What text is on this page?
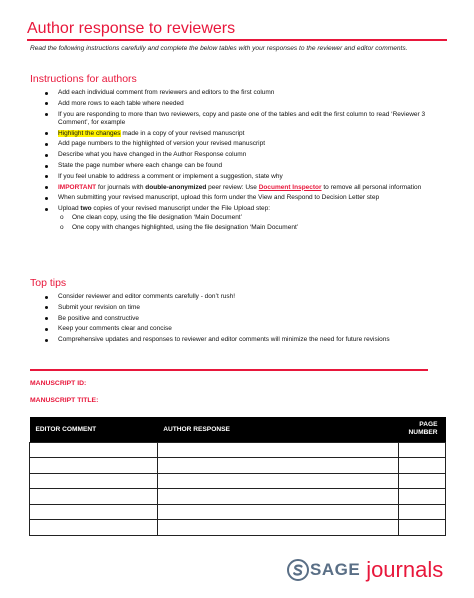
Author response to reviewers
Read the following instructions carefully and complete the below tables with your responses to the reviewer and editor comments.
Instructions for authors
Add each individual comment from reviewers and editors to the first column
Add more rows to each table where needed
If you are responding to more than two reviewers, copy and paste one of the tables and edit the first column to read ‘Reviewer 3 Comment’, for example
Highlight the changes made in a copy of your revised manuscript
Add page numbers to the highlighted of version your revised manuscript
Describe what you have changed in the Author Response column
State the page number where each change can be found
If you feel unable to address a comment or implement a suggestion, state why
IMPORTANT for journals with double-anonymized peer review: Use Document Inspector to remove all personal information
When submitting your revised manuscript, upload this form under the View and Respond to Decision Letter step
Upload two copies of your revised manuscript under the File Upload step:
o One clean copy, using the file designation ‘Main Document’
o One copy with changes highlighted, using the file designation ‘Main Document’
Top tips
Consider reviewer and editor comments carefully - don’t rush!
Submit your revision on time
Be positive and constructive
Keep your comments clear and concise
Comprehensive updates and responses to reviewer and editor comments will minimize the need for future revisions
MANUSCRIPT ID:
MANUSCRIPT TITLE:
EDITOR COMMENT	AUTHOR RESPONSE	PAGE
NUMBER

SAGE journals
